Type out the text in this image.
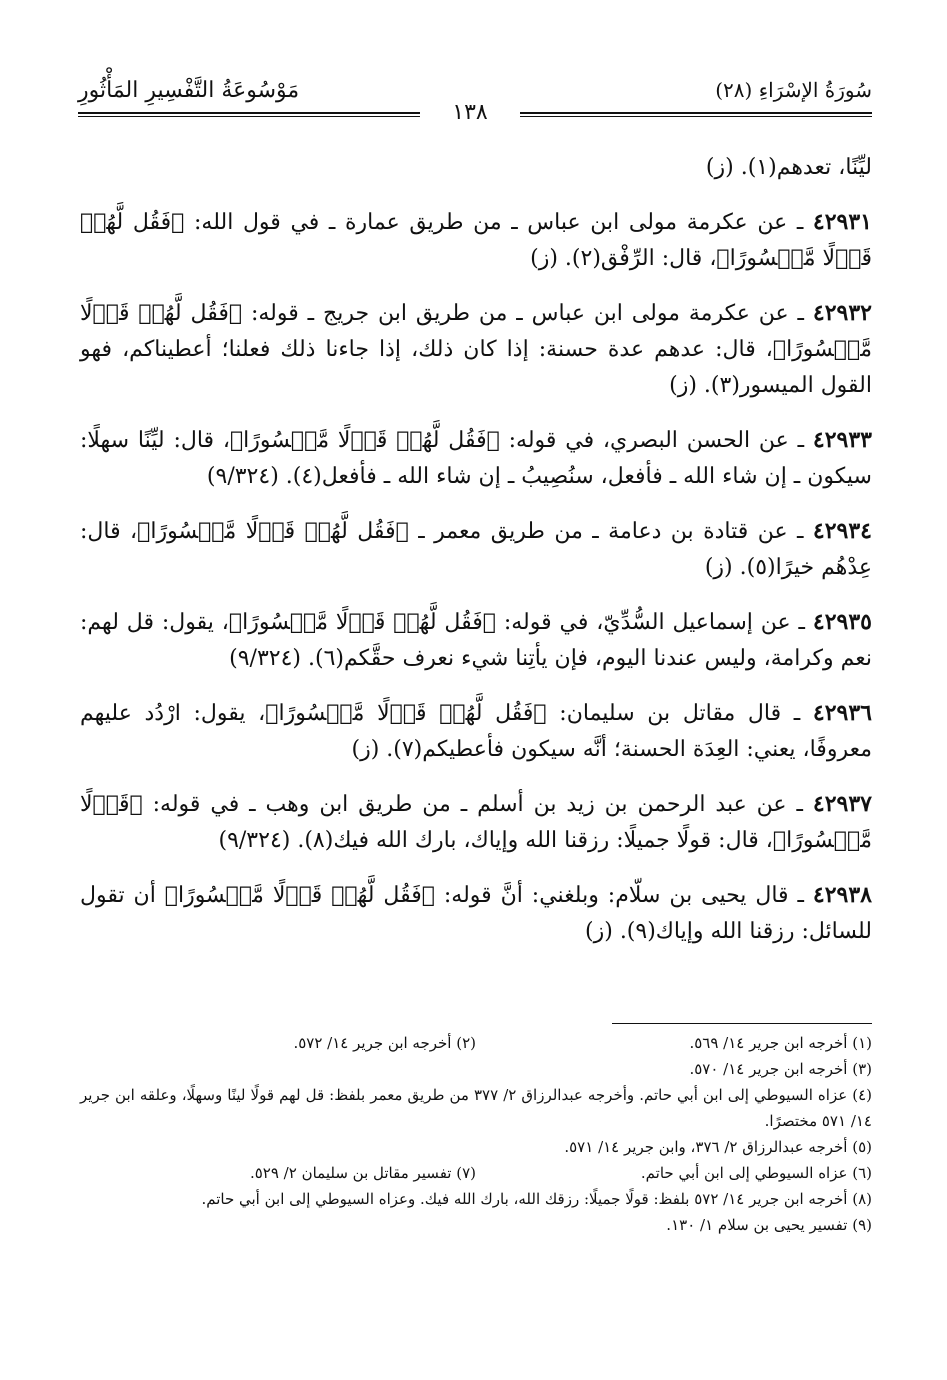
سُورَةُ الإسْرَاءِ (٢٨)
مَوْسُوعَةُ التَّفْسِيرِ المَأْثُورِ
١٣٨

ليِّنًا، تعدهم(١). (ز)

٤٢٩٣١ ـ عن عكرمة مولى ابن عباس ـ من طريق عمارة ـ في قول الله: ﴿فَقُل لَّهُمۡ قَوۡلًا مَّيۡسُورًا﴾، قال: الرِّفْق(٢). (ز)

٤٢٩٣٢ ـ عن عكرمة مولى ابن عباس ـ من طريق ابن جريج ـ قوله: ﴿فَقُل لَّهُمۡ قَوۡلًا مَّيۡسُورًا﴾، قال: عدهم عدة حسنة: إذا كان ذلك، إذا جاءنا ذلك فعلنا؛ أعطيناكم، فهو القول الميسور(٣). (ز)

٤٢٩٣٣ ـ عن الحسن البصري، في قوله: ﴿فَقُل لَّهُمۡ قَوۡلًا مَّيۡسُورًا﴾، قال: ليِّنًا سهلًا: سيكون ـ إن شاء الله ـ فأفعل، سنُصِيبُ ـ إن شاء الله ـ فأفعل(٤). (٩/٣٢٤)

٤٢٩٣٤ ـ عن قتادة بن دعامة ـ من طريق معمر ـ ﴿فَقُل لَّهُمۡ قَوۡلًا مَّيۡسُورًا﴾، قال: عِدْهُم خيرًا(٥). (ز)

٤٢٩٣٥ ـ عن إسماعيل السُّدِّيّ، في قوله: ﴿فَقُل لَّهُمۡ قَوۡلًا مَّيۡسُورًا﴾، يقول: قل لهم: نعم وكرامة، وليس عندنا اليوم، فإن يأتِنا شيء نعرف حقَّكم(٦). (٩/٣٢٤)

٤٢٩٣٦ ـ قال مقاتل بن سليمان: ﴿فَقُل لَّهُمۡ قَوۡلًا مَّيۡسُورًا﴾، يقول: ارْدُد عليهم معروفًا، يعني: العِدَة الحسنة؛ أنَّه سيكون فأعطيكم(٧). (ز)

٤٢٩٣٧ ـ عن عبد الرحمن بن زيد بن أسلم ـ من طريق ابن وهب ـ في قوله: ﴿قَوۡلًا مَّيۡسُورًا﴾، قال: قولًا جميلًا: رزقنا الله وإياك، بارك الله فيك(٨). (٩/٣٢٤)

٤٢٩٣٨ ـ قال يحيى بن سلّام: وبلغني: أنَّ قوله: ﴿فَقُل لَّهُمۡ قَوۡلًا مَّيۡسُورًا﴾ أن تقول للسائل: رزقنا الله وإياك(٩). (ز)

(١) أخرجه ابن جرير ١٤/ ٥٦٩.
(٢) أخرجه ابن جرير ١٤/ ٥٧٢.
(٣) أخرجه ابن جرير ١٤/ ٥٧٠.
(٤) عزاه السيوطي إلى ابن أبي حاتم. وأخرجه عبدالرزاق ٢/ ٣٧٧ من طريق معمر بلفظ: قل لهم قولًا لينًا وسهلًا، وعلقه ابن جرير ١٤/ ٥٧١ مختصرًا.
(٥) أخرجه عبدالرزاق ٢/ ٣٧٦، وابن جرير ١٤/ ٥٧١.
(٦) عزاه السيوطي إلى ابن أبي حاتم.
(٧) تفسير مقاتل بن سليمان ٢/ ٥٢٩.
(٨) أخرجه ابن جرير ١٤/ ٥٧٢ بلفظ: قولًا جميلًا: رزقك الله، بارك الله فيك. وعزاه السيوطي إلى ابن أبي حاتم.
(٩) تفسير يحيى بن سلام ١/ ١٣٠.
